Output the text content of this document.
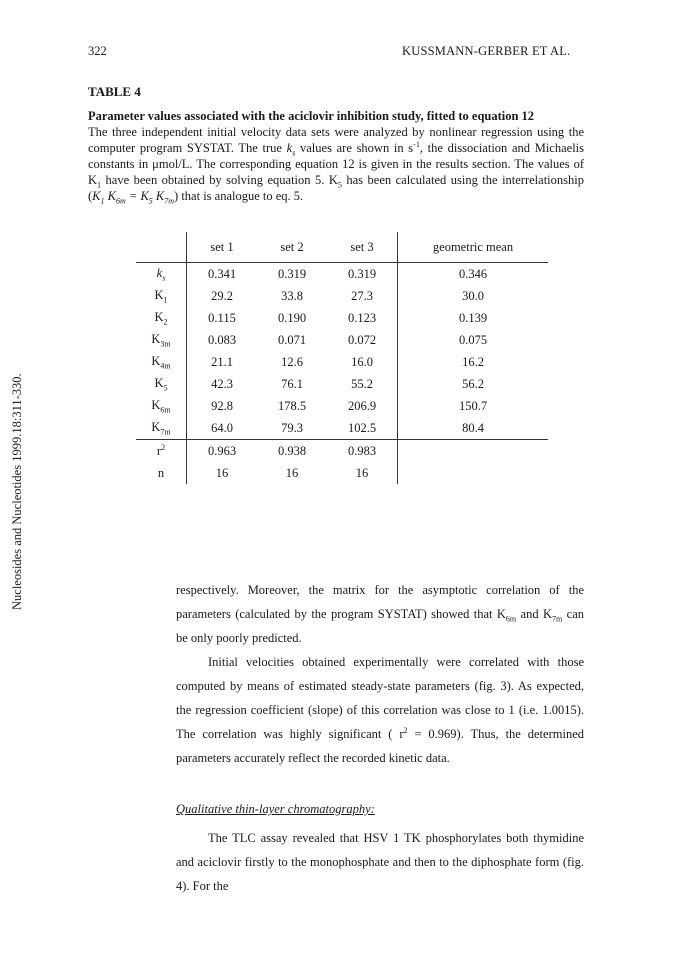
322	KUSSMANN-GERBER ET AL.
Nucleosides and Nucleotides 1999.18:311-330.
TABLE 4
Parameter values associated with the aciclovir inhibition study, fitted to equation 12
The three independent initial velocity data sets were analyzed by nonlinear regression using the computer program SYSTAT. The true $k_s$ values are shown in $s^{-1}$, the dissociation and Michaelis constants in μmol/L. The corresponding equation 12 is given in the results section. The values of $K_1$ have been obtained by solving equation 5. $K_5$ has been calculated using the interrelationship ($K_1$ $K_{6m} = K_5$ $K_{7m}$) that is analogue to eq. 5.
	set 1	set 2	set 3	geometric mean
$k_s$	0.341	0.319	0.319	0.346
$K_1$	29.2	33.8	27.3	30.0
$K_2$	0.115	0.190	0.123	0.139
$K_{3m}$	0.083	0.071	0.072	0.075
$K_{4m}$	21.1	12.6	16.0	16.2
$K_5$	42.3	76.1	55.2	56.2
$K_{6m}$	92.8	178.5	206.9	150.7
$K_{7m}$	64.0	79.3	102.5	80.4
$r^2$	0.963	0.938	0.983	
n	16	16	16	
respectively. Moreover, the matrix for the asymptotic correlation of the parameters (calculated by the program SYSTAT) showed that $K_{6m}$ and $K_{7m}$ can be only poorly predicted.
Initial velocities obtained experimentally were correlated with those computed by means of estimated steady-state parameters (fig. 3). As expected, the regression coefficient (slope) of this correlation was close to 1 (i.e. 1.0015). The correlation was highly significant ( $r^2 = 0.969$). Thus, the determined parameters accurately reflect the recorded kinetic data.
Qualitative thin-layer chromatography:
The TLC assay revealed that HSV 1 TK phosphorylates both thymidine and aciclovir firstly to the monophosphate and then to the diphosphate form (fig. 4). For the
